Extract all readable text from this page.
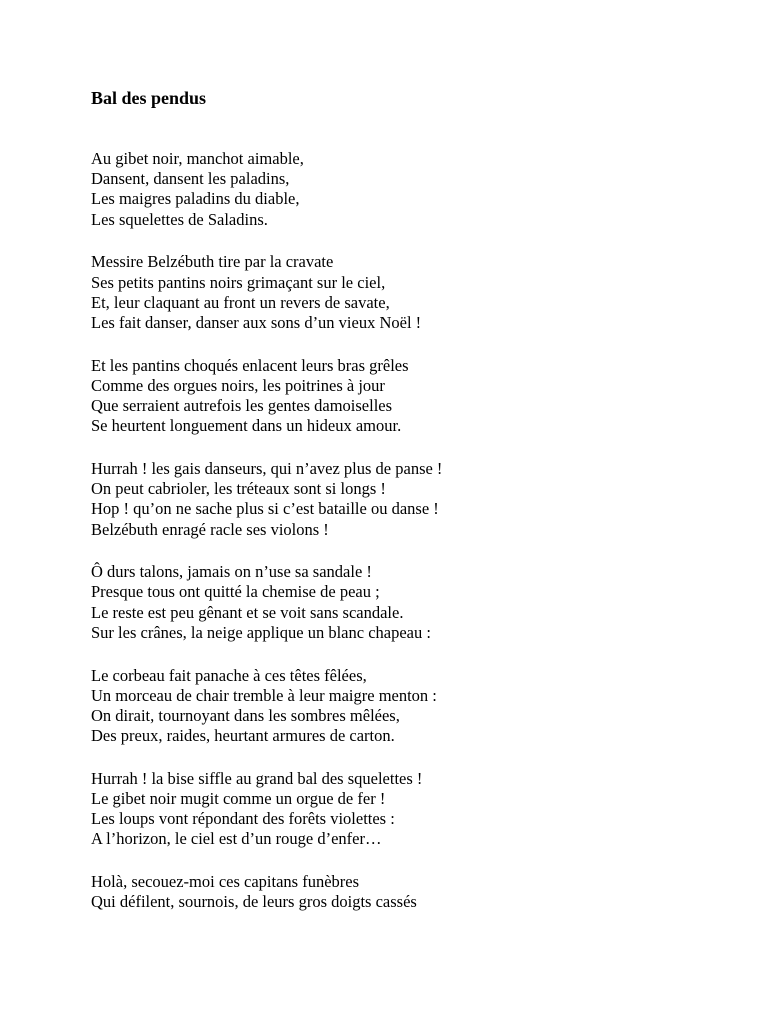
Bal des pendus
Au gibet noir, manchot aimable,
Dansent, dansent les paladins,
Les maigres paladins du diable,
Les squelettes de Saladins.
Messire Belzébuth tire par la cravate
Ses petits pantins noirs grimaçant sur le ciel,
Et, leur claquant au front un revers de savate,
Les fait danser, danser aux sons d’un vieux Noël !
Et les pantins choqués enlacent leurs bras grêles
Comme des orgues noirs, les poitrines à jour
Que serraient autrefois les gentes damoiselles
Se heurtent longuement dans un hideux amour.
Hurrah ! les gais danseurs, qui n’avez plus de panse !
On peut cabrioler, les tréteaux sont si longs !
Hop ! qu’on ne sache plus si c’est bataille ou danse !
Belzébuth enragé racle ses violons !
Ô durs talons, jamais on n’use sa sandale !
Presque tous ont quitté la chemise de peau ;
Le reste est peu gênant et se voit sans scandale.
Sur les crânes, la neige applique un blanc chapeau :
Le corbeau fait panache à ces têtes fêlées,
Un morceau de chair tremble à leur maigre menton :
On dirait, tournoyant dans les sombres mêlées,
Des preux, raides, heurtant armures de carton.
Hurrah ! la bise siffle au grand bal des squelettes !
Le gibet noir mugit comme un orgue de fer !
Les loups vont répondant des forêts violettes :
A l’horizon, le ciel est d’un rouge d’enfer…
Holà, secouez-moi ces capitans funèbres
Qui défilent, sournois, de leurs gros doigts cassés
